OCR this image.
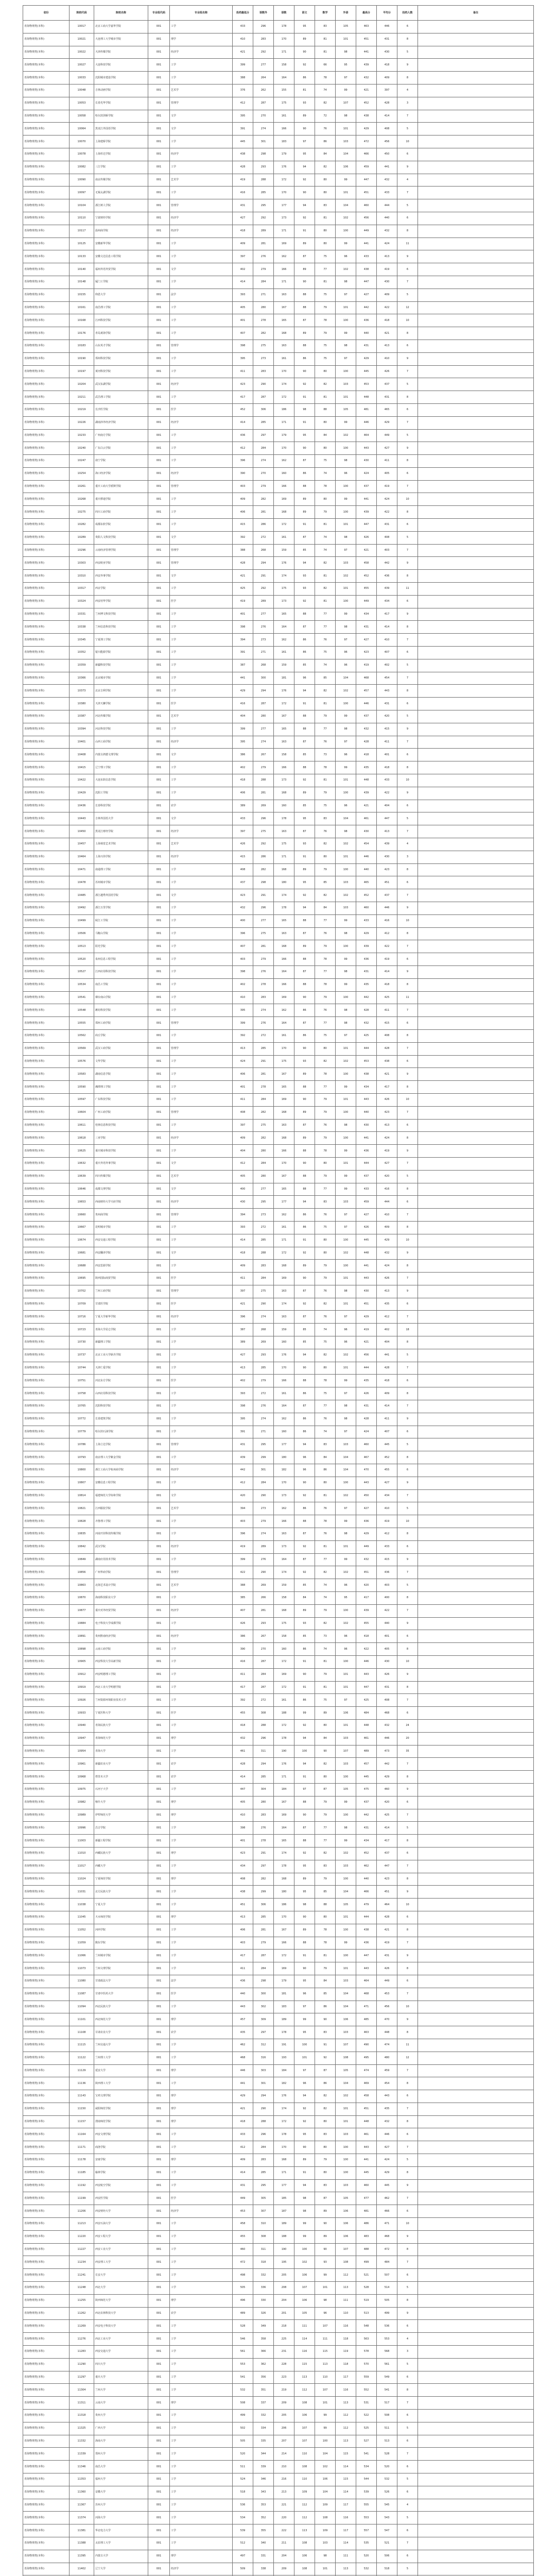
省份	院校代码	院校名称	专业组代码	专业组名称	投档最低分	语数外	语数	语文	数学	外语	最高分	平均分	投档人数	备注
青海物理类(本科)	10017	北京工商大学嘉华学院	001	工学	433	296	178	95	83	105	463	446	6	
青海物理类(本科)	10021	大连理工大学城市学院	001	理学	410	283	170	89	81	101	451	431	8	
青海物理类(本科)	10022	天津传媒学院	001	经济学	421	292	171	90	81	98	441	430	5	
青海物理类(本科)	10027	大连科技学院	001	工学	399	277	158	92	66	95	439	418	9	
青海物理类(本科)	10033	沈阳城市建设学院	001	工学	388	264	164	86	78	97	432	409	8	
青海物理类(本科)	10048	吉林动画学院	001	艺术学	376	262	155	81	74	99	421	397	4	
青海物理类(本科)	10053	长春光华学院	001	管理学	412	287	175	93	82	107	452	428	3	
青海物理类(本科)	10058	哈尔滨剑桥学院	001	文学	395	270	161	89	72	98	438	414	7	
青海物理类(本科)	10064	黑龙江外国语学院	001	文学	391	274	166	90	76	101	429	408	5	
青海物理类(本科)	10070	上海建桥学院	001	工学	445	301	183	97	86	103	472	456	10	
青海物理类(本科)	10078	上海杉达学院	001	经济学	438	298	179	95	84	104	466	450	6	
青海物理类(本科)	10082	三江学院	001	工学	428	293	176	94	82	106	459	441	9	
青海物理类(本科)	10090	南京传媒学院	001	艺术学	419	288	172	92	80	99	447	432	4	
青海物理类(本科)	10097	无锡太湖学院	001	工学	416	285	170	90	80	101	451	433	7	
青海物理类(本科)	10104	浙江树人学院	001	管理学	431	295	177	94	83	104	460	444	5	
青海物理类(本科)	10110	宁波财经学院	001	经济学	427	292	173	92	81	102	456	440	6	
青海物理类(本科)	10117	温州商学院	001	经济学	418	289	171	91	80	100	449	432	8	
青海物理类(本科)	10125	安徽新华学院	001	工学	409	281	169	89	80	99	441	424	11	
青海物理类(本科)	10133	安徽文达信息工程学院	001	工学	397	276	162	87	75	96	433	413	9	
青海物理类(本科)	10140	福州外语外贸学院	001	文学	402	279	166	89	77	102	438	419	6	
青海物理类(本科)	10148	厦门工学院	001	工学	414	284	171	90	81	98	447	430	7	
青海物理类(本科)	10155	仰恩大学	001	法学	393	271	163	88	75	97	427	409	5	
青海物理类(本科)	10161	南昌理工学院	001	工学	405	280	167	88	79	101	442	422	12	
青海物理类(本科)	10168	江西科技学院	001	工学	401	278	165	87	78	100	436	418	10	
青海物理类(本科)	10176	青岛黄海学院	001	工学	407	282	168	89	79	99	440	421	8	
青海物理类(本科)	10183	山东英才学院	001	管理学	398	275	163	88	75	98	431	413	6	
青海物理类(本科)	10190	郑州科技学院	001	工学	395	273	161	86	75	97	429	410	9	
青海物理类(本科)	10197	黄河科技学院	001	工学	411	283	170	90	80	100	445	426	7	
青海物理类(本科)	10204	武汉东湖学院	001	经济学	423	290	174	92	82	103	453	437	5	
青海物理类(本科)	10211	武昌理工学院	001	工学	417	287	172	91	81	101	448	431	8	
青海物理类(本科)	10219	长沙医学院	001	医学	452	306	186	98	88	105	481	465	6	
青海物理类(本科)	10226	湖南涉外经济学院	001	经济学	414	285	171	91	80	99	446	429	7	
青海物理类(本科)	10233	广州南方学院	001	工学	436	297	179	95	84	102	464	449	5	
青海物理类(本科)	10240	广东白云学院	001	工学	412	284	170	90	80	100	443	427	9	
青海物理类(本科)	10247	南宁学院	001	工学	396	274	162	87	75	98	430	411	8	
青海物理类(本科)	10254	海口经济学院	001	经济学	390	270	160	86	74	96	424	405	6	
青海物理类(本科)	10261	重庆工商大学派斯学院	001	管理学	403	279	166	88	78	100	437	419	7	
青海物理类(本科)	10268	重庆移通学院	001	工学	409	282	169	89	80	99	441	424	10	
青海物理类(本科)	10275	四川工商学院	001	工学	406	281	168	89	79	100	439	422	8	
青海物理类(本科)	10282	成都东软学院	001	工学	415	286	172	91	81	101	447	431	6	
青海物理类(本科)	10289	贵阳人文科技学院	001	文学	392	272	161	87	74	98	426	408	5	
青海物理类(本科)	10296	云南经济管理学院	001	管理学	388	268	159	85	74	97	421	403	7	
青海物理类(本科)	10303	西安欧亚学院	001	管理学	428	294	176	94	82	103	458	442	9	
青海物理类(本科)	10310	西安外事学院	001	文学	421	291	174	93	81	102	452	436	8	
青海物理类(本科)	10317	西京学院	001	工学	425	292	175	93	82	101	455	439	11	
青海物理类(本科)	10324	西安培华学院	001	医学	419	289	173	92	81	100	449	434	6	
青海物理类(本科)	10331	兰州博文科技学院	001	工学	401	277	165	88	77	99	434	417	9	
青海物理类(本科)	10338	兰州信息科技学院	001	工学	398	276	164	87	77	98	431	414	8	
青海物理类(本科)	10345	宁夏理工学院	001	工学	394	273	162	86	76	97	427	410	7	
青海物理类(本科)	10352	银川能源学院	001	工学	391	271	161	86	75	96	423	407	6	
青海物理类(本科)	10359	新疆科技学院	001	工学	387	268	159	85	74	96	419	402	5	
青海物理类(本科)	10366	北京城市学院	001	工学	441	300	181	96	85	104	468	454	7	
青海物理类(本科)	10373	北京吉利学院	001	工学	429	294	176	94	82	102	457	443	8	
青海物理类(本科)	10380	天津天狮学院	001	医学	416	287	172	91	81	100	446	431	6	
青海物理类(本科)	10387	河北传媒学院	001	艺术学	404	280	167	88	79	99	437	420	5	
青海物理类(本科)	10394	河北科技学院	001	工学	399	277	165	88	77	98	432	415	9	
青海物理类(本科)	10401	山西工商学院	001	经济学	395	274	163	87	76	97	428	411	7	
青海物理类(本科)	10408	内蒙古鸿德文理学院	001	文学	386	267	158	85	73	96	418	401	6	
青海物理类(本科)	10415	辽宁理工学院	001	工学	402	279	166	88	78	99	435	418	8	
青海物理类(本科)	10422	大连东软信息学院	001	工学	418	288	173	92	81	101	448	433	10	
青海物理类(本科)	10429	沈阳工学院	001	工学	406	281	168	89	79	100	439	422	9	
青海物理类(本科)	10436	长春科技学院	001	农学	389	269	160	85	75	96	421	404	6	
青海物理类(本科)	10443	吉林外国语大学	001	文学	433	296	178	95	83	104	461	447	5	
青海物理类(本科)	10450	黑龙江财经学院	001	经济学	397	275	163	87	76	98	430	413	7	
青海物理类(本科)	10457	上海视觉艺术学院	001	艺术学	426	292	175	93	82	102	454	439	4	
青海物理类(本科)	10464	上海兴伟学院	001	经济学	415	286	171	91	80	101	446	430	3	
青海物理类(本科)	10471	南通理工学院	001	工学	408	282	168	89	79	100	440	423	8	
青海物理类(本科)	10478	苏州城市学院	001	工学	437	298	180	95	85	103	465	451	6	
青海物理类(本科)	10485	浙江越秀外国语学院	001	文学	423	291	174	92	82	102	452	437	7	
青海物理类(本科)	10492	浙江万里学院	001	工学	432	296	178	94	84	103	460	446	9	
青海物理类(本科)	10499	皖江工学院	001	工学	400	277	165	88	77	99	433	416	10	
青海物理类(本科)	10506	马鞍山学院	001	工学	396	275	163	87	76	98	429	412	8	
青海物理类(本科)	10513	阳光学院	001	工学	407	281	168	89	79	100	439	422	7	
青海物理类(本科)	10520	泉州信息工程学院	001	工学	403	279	166	88	78	99	436	419	6	
青海物理类(本科)	10527	江西应用科技学院	001	工学	398	276	164	87	77	98	431	414	9	
青海物理类(本科)	10534	南昌工学院	001	工学	402	278	166	88	78	99	435	418	8	
青海物理类(本科)	10541	烟台南山学院	001	工学	410	283	169	90	79	100	442	425	11	
青海物理类(本科)	10548	潍坊科技学院	001	工学	395	274	162	86	76	98	428	411	7	
青海物理类(本科)	10555	郑州工商学院	001	管理学	399	276	164	87	77	98	432	415	6	
青海物理类(本科)	10562	商丘学院	001	工学	392	272	161	86	75	97	425	408	8	
青海物理类(本科)	10569	武汉工商学院	001	管理学	413	285	170	90	80	101	444	428	7	
青海物理类(本科)	10576	文华学院	001	工学	424	291	175	93	82	102	453	438	6	
青海物理类(本科)	10583	湖南信息学院	001	工学	406	281	167	89	78	100	438	421	9	
青海物理类(本科)	10590	湘潭理工学院	001	工学	401	278	165	88	77	99	434	417	8	
青海物理类(本科)	10597	广东科技学院	001	工学	411	284	169	90	79	101	443	426	10	
青海物理类(本科)	10604	广州工商学院	001	管理学	408	282	168	89	79	100	440	423	7	
青海物理类(本科)	10611	桂林信息科技学院	001	工学	397	275	163	87	76	98	430	413	6	
青海物理类(本科)	10618	三亚学院	001	经济学	409	282	168	89	79	100	441	424	8	
青海物理类(本科)	10625	重庆城市科技学院	001	工学	404	280	166	88	78	99	436	419	9	
青海物理类(本科)	10632	重庆外语外事学院	001	文学	412	284	170	90	80	101	444	427	7	
青海物理类(本科)	10639	四川传媒学院	001	艺术学	405	280	167	88	79	99	437	420	5	
青海物理类(本科)	10646	成都文理学院	001	文学	400	277	165	88	77	99	433	416	8	
青海物理类(本科)	10653	西南财经大学天府学院	001	经济学	430	295	177	94	83	103	459	444	6	
青海物理类(本科)	10660	贵州商学院	001	管理学	394	273	162	86	76	97	427	410	7	
青海物理类(本科)	10667	昆明城市学院	001	工学	393	272	161	86	75	97	426	409	8	
青海物理类(本科)	10674	西安交通工程学院	001	工学	414	285	171	91	80	100	445	429	10	
青海物理类(本科)	10681	西安翻译学院	001	文学	418	288	172	92	80	102	448	432	9	
青海物理类(本科)	10688	西安思源学院	001	工学	409	283	168	89	79	100	441	424	8	
青海物理类(本科)	10695	陕西国际商贸学院	001	医学	411	284	169	90	79	101	443	426	7	
青海物理类(本科)	10702	兰州工商学院	001	管理学	397	275	163	87	76	98	430	413	9	
青海物理类(本科)	10709	甘肃医学院	001	医学	421	290	174	92	82	101	451	435	6	
青海物理类(本科)	10716	宁夏大学新华学院	001	经济学	396	274	163	87	76	97	429	412	7	
青海物理类(本科)	10723	青海大学昆仑学院	001	工学	387	268	159	85	74	96	419	402	18	
青海物理类(本科)	10730	新疆理工学院	001	工学	389	269	160	85	75	96	421	404	8	
青海物理类(本科)	10737	北京工业大学耿丹学院	001	工学	427	293	176	94	82	102	456	441	5	
青海物理类(本科)	10744	天津仁爱学院	001	工学	413	285	170	90	80	101	444	428	7	
青海物理类(本科)	10751	河北东方学院	001	医学	402	279	166	88	78	99	435	418	6	
青海物理类(本科)	10758	山西应用科技学院	001	工学	393	272	161	86	75	97	426	409	8	
青海物理类(本科)	10765	沈阳科技学院	001	工学	398	276	164	87	77	98	431	414	7	
青海物理类(本科)	10772	长春建筑学院	001	工学	395	274	162	86	76	98	428	411	9	
青海物理类(本科)	10779	哈尔滨石油学院	001	工学	391	271	160	86	74	97	424	407	6	
青海物理类(本科)	10786	上海立达学院	001	管理学	431	295	177	94	83	103	460	445	5	
青海物理类(本科)	10793	南京理工大学紫金学院	001	工学	439	299	180	96	84	104	467	452	8	
青海物理类(本科)	10800	浙江工商大学杭州商学院	001	经济学	442	301	182	96	86	104	470	455	6	
青海物理类(本科)	10807	安徽信息工程学院	001	工学	412	284	170	90	80	100	443	427	9	
青海物理类(本科)	10814	福建师范大学协和学院	001	文学	420	290	173	92	81	102	450	434	7	
青海物理类(本科)	10821	江西服装学院	001	艺术学	394	273	162	86	76	97	427	410	5	
青海物理类(本科)	10828	齐鲁理工学院	001	工学	403	279	166	88	78	99	436	419	10	
青海物理类(本科)	10835	河南开封科技传媒学院	001	工学	396	274	163	87	76	98	429	412	8	
青海物理类(本科)	10842	武汉学院	001	经济学	419	289	173	92	81	101	449	433	6	
青海物理类(本科)	10849	湖南应用技术学院	001	工学	399	276	164	87	77	99	432	415	9	
青海物理类(本科)	10856	广州华商学院	001	管理学	422	290	174	92	82	102	451	436	7	
青海物理类(本科)	10863	北海艺术设计学院	001	艺术学	388	269	159	85	74	96	420	403	5	
青海物理类(本科)	10870	海南科技职业大学	001	工学	385	266	158	84	74	95	417	400	8	
青海物理类(本科)	10877	重庆对外经贸学院	001	经济学	407	281	168	89	79	100	439	422	7	
青海物理类(本科)	10884	电子科技大学成都学院	001	工学	426	293	175	93	82	102	455	440	9	
青海物理类(本科)	10891	贵州黔南经济学院	001	经济学	386	267	158	85	73	96	418	401	6	
青海物理类(本科)	10898	云南工商学院	001	工学	390	270	160	86	74	96	422	405	8	
青海物理类(本科)	10905	西安科技大学高新学院	001	工学	416	287	172	91	81	100	446	430	10	
青海物理类(本科)	10912	西安明德理工学院	001	工学	411	284	169	90	79	101	443	426	9	
青海物理类(本科)	10919	西北工业大学明德学院	001	工学	417	287	172	91	81	101	447	431	8	
青海物理类(本科)	10926	兰州资源环境职业技术大学	001	工学	392	272	161	86	75	97	425	408	7	
青海物理类(本科)	10933	宁夏医科大学	001	医学	455	308	188	99	89	106	484	468	6	
青海物理类(本科)	10940	青海民族大学	001	工学	418	288	172	92	80	101	448	432	24	
青海物理类(本科)	10947	青海师范大学	001	理学	432	296	178	94	84	103	461	446	20	
青海物理类(本科)	10954	青海大学	001	工学	461	311	190	100	90	107	489	473	35	
青海物理类(本科)	10961	新疆农业大学	001	农学	428	294	176	94	82	103	457	442	7	
青海物理类(本科)	10968	塔里木大学	001	农学	414	285	171	91	80	100	445	429	8	
青海物理类(本科)	10975	石河子大学	001	工学	447	304	184	97	87	105	475	460	9	
青海物理类(本科)	10982	喀什大学	001	理学	405	280	167	88	79	99	437	420	6	
青海物理类(本科)	10989	伊犁师范大学	001	理学	410	283	169	90	79	100	442	425	7	
青海物理类(本科)	10996	昌吉学院	001	工学	398	276	164	87	77	98	431	414	5	
青海物理类(本科)	11003	新疆工程学院	001	工学	401	278	165	88	77	99	434	417	8	
青海物理类(本科)	11010	西藏民族大学	001	理学	423	291	174	92	82	102	452	437	6	
青海物理类(本科)	11017	西藏大学	001	工学	434	297	178	95	83	103	462	447	7	
青海物理类(本科)	11024	宁夏师范学院	001	理学	408	282	168	89	79	100	440	423	8	
青海物理类(本科)	11031	北方民族大学	001	工学	438	299	180	95	85	104	466	451	9	
青海物理类(本科)	11038	宁夏大学	001	工学	451	306	186	98	88	105	479	464	10	
青海物理类(本科)	11045	天水师范学院	001	理学	413	285	170	90	80	101	444	428	6	
青海物理类(本科)	11052	河西学院	001	工学	406	281	167	89	78	100	438	421	8	
青海物理类(本科)	11059	陇东学院	001	工学	403	279	166	88	78	99	436	419	7	
青海物理类(本科)	11066	兰州城市学院	001	工学	417	287	172	91	81	100	447	431	9	
青海物理类(本科)	11073	兰州文理学院	001	工学	411	284	169	90	79	101	443	426	8	
青海物理类(本科)	11080	甘肃政法大学	001	法学	436	298	179	95	84	103	464	449	6	
青海物理类(本科)	11087	甘肃中医药大学	001	医学	440	300	181	96	85	104	468	453	7	
青海物理类(本科)	11094	西北民族大学	001	工学	443	302	183	97	86	104	471	456	10	
青海物理类(本科)	11101	西北师范大学	001	理学	457	309	189	99	90	106	485	470	9	
青海物理类(本科)	11108	甘肃农业大学	001	农学	435	297	178	95	83	103	463	448	8	
青海物理类(本科)	11115	兰州交通大学	001	工学	462	312	191	100	91	107	490	474	11	
青海物理类(本科)	11122	兰州理工大学	001	工学	468	316	193	101	92	108	495	480	12	
青海物理类(本科)	11129	延安大学	001	理学	446	303	184	97	87	105	474	459	7	
青海物理类(本科)	11136	陕西理工大学	001	工学	441	301	182	96	86	104	469	454	8	
青海物理类(本科)	11143	宝鸡文理学院	001	理学	429	294	176	94	82	102	458	443	6	
青海物理类(本科)	11150	咸阳师范学院	001	理学	421	290	174	92	82	101	451	435	7	
青海物理类(本科)	11157	渭南师范学院	001	理学	418	288	172	92	80	101	448	432	8	
青海物理类(本科)	11164	西安文理学院	001	工学	433	296	178	95	83	103	461	446	6	
青海物理类(本科)	11171	商洛学院	001	工学	412	284	170	90	80	100	443	427	7	
青海物理类(本科)	11178	安康学院	001	理学	409	283	168	89	79	100	441	424	5	
青海物理类(本科)	11185	榆林学院	001	工学	414	285	171	91	80	100	445	429	8	
青海物理类(本科)	11192	西安航空学院	001	工学	431	295	177	94	83	103	460	445	9	
青海物理类(本科)	11199	西安医学院	001	医学	449	305	185	98	87	105	477	462	7	
青海物理类(本科)	11206	西安财经大学	001	经济学	453	307	187	98	89	106	481	466	6	
青海物理类(本科)	11213	西安石油大学	001	工学	458	310	189	99	90	106	486	471	10	
青海物理类(本科)	11220	西安工程大学	001	工学	455	308	188	99	89	106	483	468	9	
青海物理类(本科)	11227	西安工业大学	001	工学	460	311	190	100	90	107	488	472	8	
青海物理类(本科)	11234	西安理工大学	001	工学	472	318	195	102	93	108	499	484	7	
青海物理类(本科)	11241	长安大学	001	工学	498	332	205	106	99	112	521	507	6	
青海物理类(本科)	11248	西北大学	001	工学	505	336	208	107	101	113	528	514	5	
青海物理类(本科)	11255	陕西师范大学	001	理学	496	330	204	106	98	111	519	505	8	
青海物理类(本科)	11262	西北农林科技大学	001	农学	489	326	201	105	96	110	513	499	9	
青海物理类(本科)	11269	西安电子科技大学	001	工学	528	349	218	111	107	116	548	536	6	
青海物理类(本科)	11276	西北工业大学	001	工学	546	358	225	114	111	118	563	553	4	
青海物理类(本科)	11283	西安交通大学	001	工学	561	366	231	116	115	119	578	568	3	
青海物理类(本科)	11290	四川大学	001	工学	553	362	228	115	113	118	570	561	5	
青海物理类(本科)	11297	重庆大学	001	工学	541	356	223	113	110	117	559	549	6	
青海物理类(本科)	11304	兰州大学	001	工学	532	351	219	112	107	116	552	541	8	
青海物理类(本科)	11311	云南大学	001	理学	508	337	209	108	101	113	531	517	7	
青海物理类(本科)	11318	贵州大学	001	工学	499	332	205	106	99	112	522	508	6	
青海物理类(本科)	11325	广西大学	001	工学	502	334	206	107	99	112	525	511	5	
青海物理类(本科)	11332	海南大学	001	工学	505	335	207	107	100	113	527	513	6	
青海物理类(本科)	11339	郑州大学	001	工学	520	344	214	110	104	115	541	528	7	
青海物理类(本科)	11346	南昌大学	001	工学	511	339	210	108	102	114	534	520	6	
青海物理类(本科)	11353	福州大学	001	工学	524	346	216	110	106	115	544	532	5	
青海物理类(本科)	11360	安徽大学	001	工学	518	343	213	109	104	114	539	526	6	
青海物理类(本科)	11367	苏州大学	001	工学	536	353	221	112	109	117	555	545	4	
青海物理类(本科)	11374	河海大学	001	工学	534	352	220	112	108	116	553	543	5	
青海物理类(本科)	11381	华北电力大学	001	工学	539	355	222	113	109	117	557	547	6	
青海物理类(本科)	11388	太原理工大学	001	工学	512	340	211	108	103	114	535	521	7	
青海物理类(本科)	11395	内蒙古大学	001	理学	497	331	204	106	98	111	520	506	6	
青海物理类(本科)	11402	辽宁大学	001	经济学	509	338	209	108	101	113	532	518	5	
